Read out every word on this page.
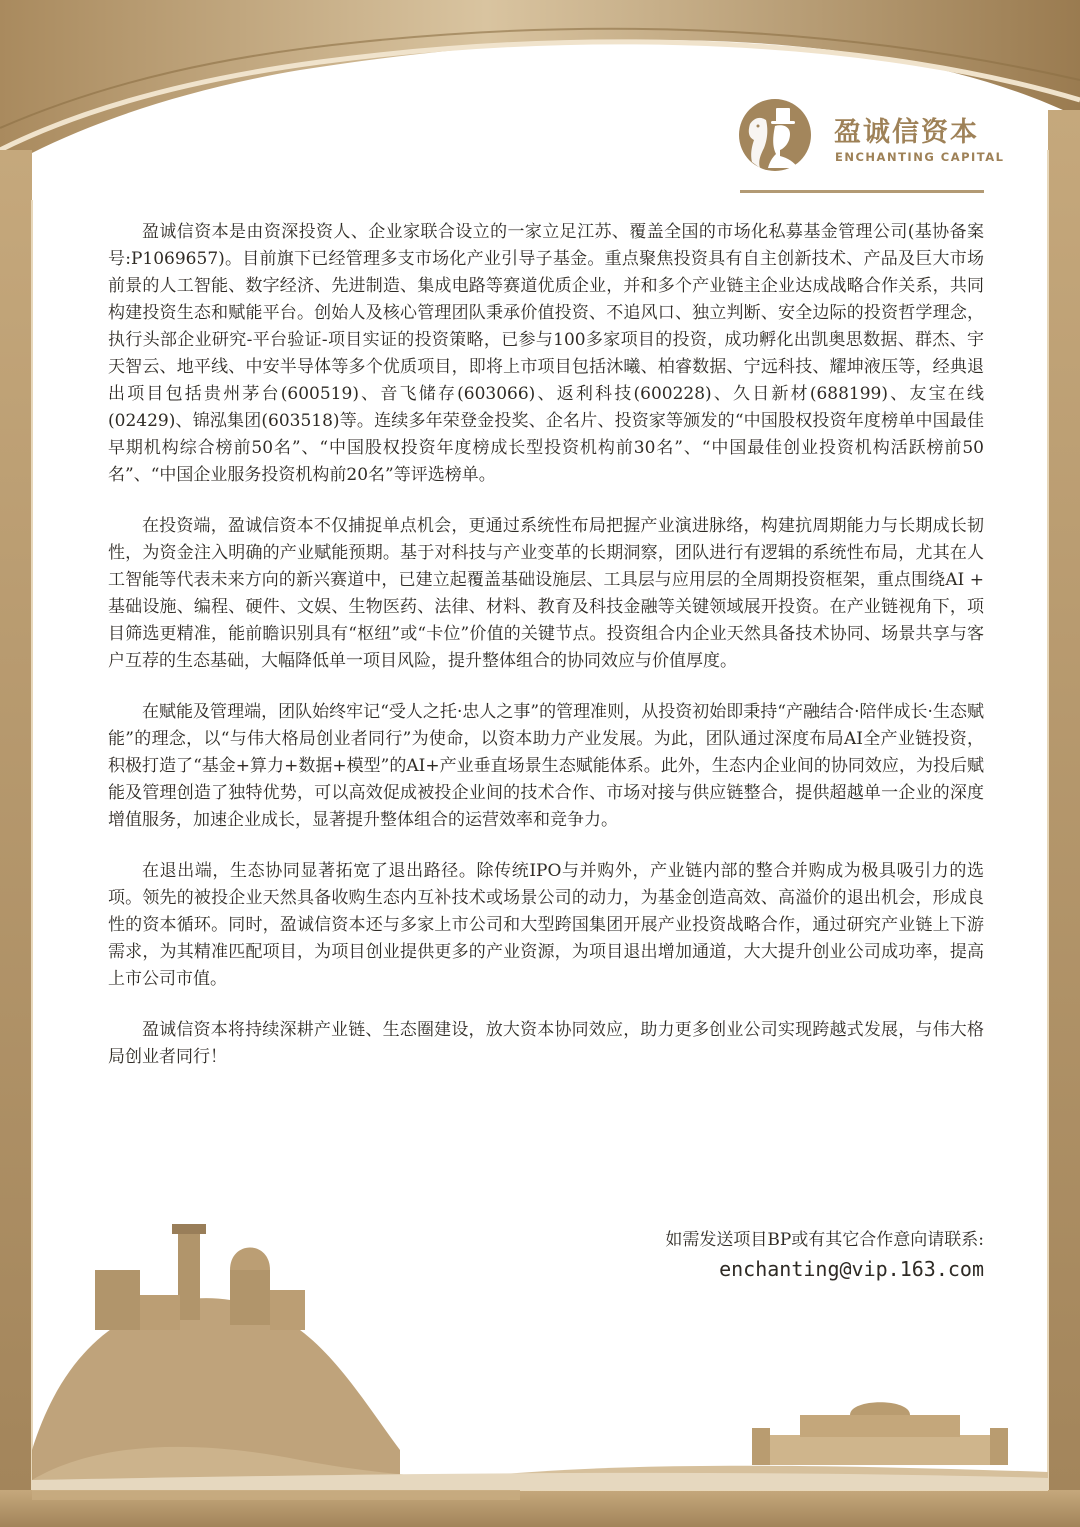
盈诚信资本
ENCHANTING CAPITAL

盈诚信资本是由资深投资人、企业家联合设立的一家立足江苏、覆盖全国的市场化私募基金管理公司(基协备案号:P1069657)。目前旗下已经管理多支市场化产业引导子基金。重点聚焦投资具有自主创新技术、产品及巨大市场前景的人工智能、数字经济、先进制造、集成电路等赛道优质企业，并和多个产业链主企业达成战略合作关系，共同构建投资生态和赋能平台。创始人及核心管理团队秉承价值投资、不追风口、独立判断、安全边际的投资哲学理念，执行头部企业研究-平台验证-项目实证的投资策略，已参与100多家项目的投资，成功孵化出凯奥思数据、群杰、宇天智云、地平线、中安半导体等多个优质项目，即将上市项目包括沐曦、柏睿数据、宁远科技、耀坤液压等，经典退出项目包括贵州茅台(600519)、音飞储存(603066)、返利科技(600228)、久日新材(688199)、友宝在线(02429)、锦泓集团(603518)等。连续多年荣登金投奖、企名片、投资家等颁发的“中国股权投资年度榜单中国最佳早期机构综合榜前50名”、“中国股权投资年度榜成长型投资机构前30名”、“中国最佳创业投资机构活跃榜前50名”、“中国企业服务投资机构前20名”等评选榜单。

在投资端，盈诚信资本不仅捕捉单点机会，更通过系统性布局把握产业演进脉络，构建抗周期能力与长期成长韧性，为资金注入明确的产业赋能预期。基于对科技与产业变革的长期洞察，团队进行有逻辑的系统性布局，尤其在人工智能等代表未来方向的新兴赛道中，已建立起覆盖基础设施层、工具层与应用层的全周期投资框架，重点围绕AI + 基础设施、编程、硬件、文娱、生物医药、法律、材料、教育及科技金融等关键领域展开投资。在产业链视角下，项目筛选更精准，能前瞻识别具有“枢纽”或“卡位”价值的关键节点。投资组合内企业天然具备技术协同、场景共享与客户互荐的生态基础，大幅降低单一项目风险，提升整体组合的协同效应与价值厚度。

在赋能及管理端，团队始终牢记“受人之托·忠人之事”的管理准则，从投资初始即秉持“产融结合·陪伴成长·生态赋能”的理念，以“与伟大格局创业者同行”为使命，以资本助力产业发展。为此，团队通过深度布局AI全产业链投资，积极打造了“基金+算力+数据+模型”的AI+产业垂直场景生态赋能体系。此外，生态内企业间的协同效应，为投后赋能及管理创造了独特优势，可以高效促成被投企业间的技术合作、市场对接与供应链整合，提供超越单一企业的深度增值服务，加速企业成长，显著提升整体组合的运营效率和竞争力。

在退出端，生态协同显著拓宽了退出路径。除传统IPO与并购外，产业链内部的整合并购成为极具吸引力的选项。领先的被投企业天然具备收购生态内互补技术或场景公司的动力，为基金创造高效、高溢价的退出机会，形成良性的资本循环。同时，盈诚信资本还与多家上市公司和大型跨国集团开展产业投资战略合作，通过研究产业链上下游需求，为其精准匹配项目，为项目创业提供更多的产业资源，为项目退出增加通道，大大提升创业公司成功率，提高上市公司市值。

盈诚信资本将持续深耕产业链、生态圈建设，放大资本协同效应，助力更多创业公司实现跨越式发展，与伟大格局创业者同行！

如需发送项目BP或有其它合作意向请联系:
enchanting@vip.163.com
